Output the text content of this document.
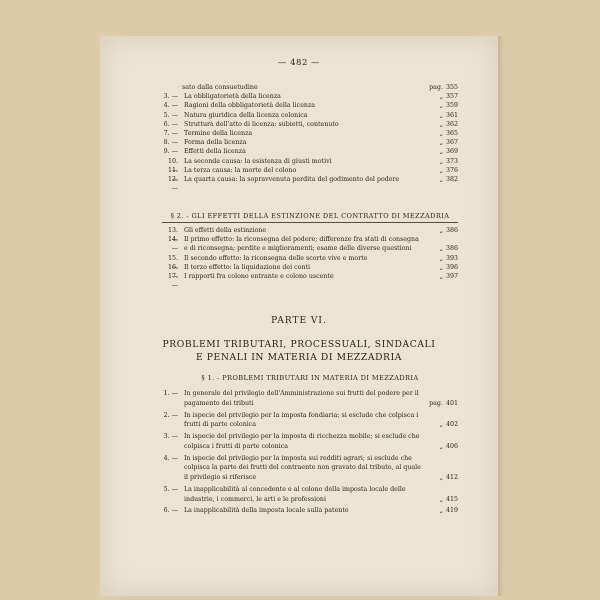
— 482 —
sato dalla consuetudine	pag. 355
3. —	La obbligatorietà della licenza	„ 357
4. —	Ragioni della obbligatorietà della licenza	„ 359
5. —	Natura giuridica della licenza colonica	„ 361
6. —	Struttura dell'atto di licenza: subietti, contenuto	„ 362
7. —	Termine della licenza	„ 365
8. —	Forma della licenza	„ 367
9. —	Effetti della licenza	„ 369
10. — La seconda causa: la esistenza di giusti motivi	„ 373
11. — La terza causa: la morte del colono	„ 376
12. — La quarta causa: la sopravvenuta perdita del godimento del podere	„ 382
§ 2. - GLI EFFETTI DELLA ESTINZIONE DEL CONTRATTO DI MEZZADRIA
13. — Gli effetti della estinzione	„ 386
14. — Il primo effetto: la riconsegna del podere; differenze fra stati di consegna e di riconsegna; perdite e miglioramenti; esame delle diverse questioni	„ 386
15. — Il secondo effetto: la riconsegna delle scorte vive e morte	„ 393
16. — Il terzo effetto: la liquidazione dei conti	„ 396
17. — I rapporti fra colono entrante e colono uscente	„ 397
PARTE VI.
PROBLEMI TRIBUTARI, PROCESSUALI, SINDACALI
E PENALI IN MATERIA DI MEZZADRIA
§ 1. - PROBLEMI TRIBUTARI IN MATERIA DI MEZZADRIA
1. —	In generale del privilegio dell'Amministrazione sui frutti del podere per il pagamento dei tributi	pag. 401
2. —	In ispecie del privilegio per la imposta fondiaria; si esclude che colpisca i frutti di parte colonica	„ 402
3. —	In ispecie del privilegio per la imposta di ricchezza mobile; si esclude che colpisca i frutti di parte colonica	„ 406
4. —	In ispecie del privilegio per la imposta sui redditi agrari; si esclude che colpisca la parte dei frutti del contraente non gravato dal tributo, al quale il privilegio si riferisce	„ 412
5. —	La inapplicabilità al concedente e al colono della imposta locale delle industrie, i commerci, le arti e le professioni	„ 415
6. —	La inapplicabilità della imposta locale sulla patente	„ 419
